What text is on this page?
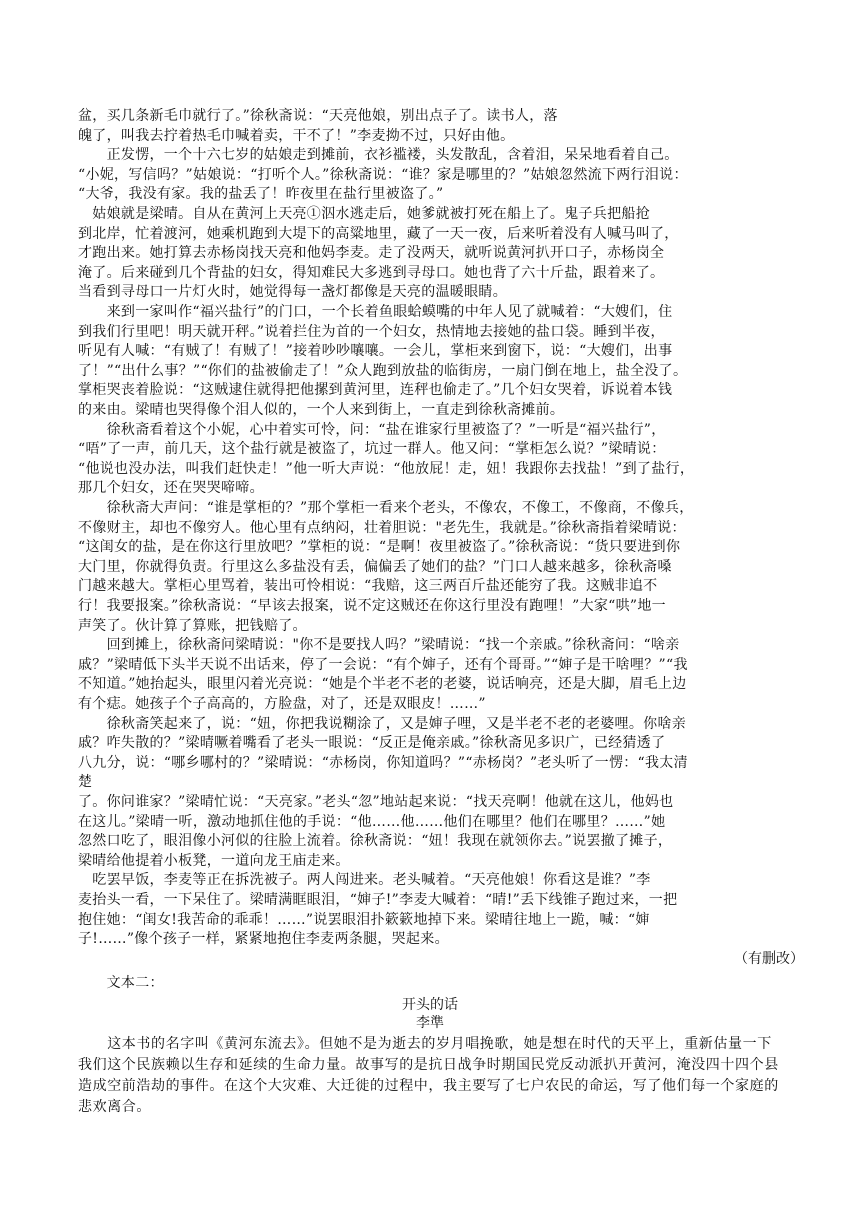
盆，买几条新毛巾就行了。”徐秋斋说：“天亮他娘，别出点子了。读书人，落
魄了，叫我去拧着热毛巾喊着卖，干不了！”李麦拗不过，只好由他。
　　正发愣，一个十六七岁的姑娘走到摊前，衣衫褴褛，头发散乱，含着泪，呆呆地看着自己。
“小妮，写信吗？”姑娘说：“打听个人。”徐秋斋说：“谁？家是哪里的？”姑娘忽然流下两行泪说：
“大爷，我没有家。我的盐丢了！昨夜里在盐行里被盗了。”
　姑娘就是梁晴。自从在黄河上天亮①泅水逃走后，她爹就被打死在船上了。鬼子兵把船抢
到北岸，忙着渡河，她乘机跑到大堤下的高粱地里，藏了一天一夜，后来听着没有人喊马叫了，
才跑出来。她打算去赤杨岗找天亮和他妈李麦。走了没两天，就听说黄河扒开口子，赤杨岗全
淹了。后来碰到几个背盐的妇女，得知难民大多逃到寻母口。她也背了六十斤盐，跟着来了。
当看到寻母口一片灯火时，她觉得每一盏灯都像是天亮的温暖眼睛。
　　来到一家叫作“福兴盐行”的门口，一个长着鱼眼蛤蟆嘴的中年人见了就喊着：“大嫂们，住
到我们行里吧！明天就开秤。”说着拦住为首的一个妇女，热情地去接她的盐口袋。睡到半夜，
听见有人喊：“有贼了！有贼了！”接着吵吵嚷嚷。一会儿，掌柜来到窗下，说：“大嫂们，出事
了！”“出什么事？”“你们的盐被偷走了！”众人跑到放盐的临街房，一扇门倒在地上，盐全没了。
掌柜哭丧着脸说：“这贼逮住就得把他摞到黄河里，连秤也偷走了。”几个妇女哭着，诉说着本钱
的来由。梁晴也哭得像个泪人似的，一个人来到街上，一直走到徐秋斋摊前。
　　徐秋斋看着这个小妮，心中着实可怜，问：“盐在谁家行里被盗了？”一听是“福兴盐行”，
“唔”了一声，前几天，这个盐行就是被盗了，坑过一群人。他又问：“掌柜怎么说？”梁晴说：
“他说也没办法，叫我们赶快走！”他一听大声说：“他放屁！走，妞！我跟你去找盐！”到了盐行，
那几个妇女，还在哭哭啼啼。
　　徐秋斋大声问：“谁是掌柜的？”那个掌柜一看来个老头，不像农，不像工，不像商，不像兵，
不像财主，却也不像穷人。他心里有点纳闷，壮着胆说："老先生，我就是。”徐秋斋指着梁晴说：
“这闺女的盐，是在你这行里放吧？”掌柜的说：“是啊！夜里被盗了。”徐秋斋说：“货只要进到你
大门里，你就得负责。行里这么多盐没有丢，偏偏丢了她们的盐？”门口人越来越多，徐秋斋嗓
门越来越大。掌柜心里骂着，装出可怜相说：“我赔，这三两百斤盐还能穷了我。这贼非追不
行！我要报案。”徐秋斋说：“早该去报案，说不定这贼还在你这行里没有跑哩！”大家“哄”地一
声笑了。伙计算了算账，把钱赔了。
　　回到摊上，徐秋斋问梁晴说："你不是要找人吗？”梁晴说：“找一个亲戚。”徐秋斋问：“啥亲
戚？”梁晴低下头半天说不出话来，停了一会说：“有个婶子，还有个哥哥。”“婶子是干啥哩？”“我
不知道。”她抬起头，眼里闪着光亮说：“她是个半老不老的老婆，说话响亮，还是大脚，眉毛上边
有个痣。她孩子个子高高的，方脸盘，对了，还是双眼皮！……”
　　徐秋斋笑起来了，说：“妞，你把我说糊涂了，又是婶子哩，又是半老不老的老婆哩。你啥亲
戚？咋失散的？”梁晴噘着嘴看了老头一眼说：“反正是俺亲戚。”徐秋斋见多识广，已经猜透了
八九分，说：“哪乡哪村的？”梁晴说：“赤杨岗，你知道吗？”“赤杨岗？”老头听了一愣：“我太清
楚
了。你问谁家？”梁晴忙说：“天亮家。”老头“忽”地站起来说：“找天亮啊！他就在这儿，他妈也
在这儿。”梁晴一听，激动地抓住他的手说：“他……他……他们在哪里？他们在哪里？……”她
忽然口吃了，眼泪像小河似的往脸上流着。徐秋斋说：“妞！我现在就领你去。”说罢撤了摊子，
梁晴给他提着小板凳，一道向龙王庙走来。
　吃罢早饭，李麦等正在拆洗被子。两人闯进来。老头喊着。“天亮他娘！你看这是谁？”李
麦抬头一看，一下呆住了。梁晴满眶眼泪，“婶子!”李麦大喊着：“晴!”丢下线锥子跑过来，一把
抱住她：“闺女!我苦命的乖乖！……”说罢眼泪扑簌簌地掉下来。梁晴往地上一跪，喊：“婶
子!……”像个孩子一样，紧紧地抱住李麦两条腿，哭起来。
（有删改）
　　文本二：
开头的话
李準
　　这本书的名字叫《黄河东流去》。但她不是为逝去的岁月唱挽歌，她是想在时代的天平上，重新估量一下我们这个民族赖以生存和延续的生命力量。故事写的是抗日战争时期国民党反动派扒开黄河，淹没四十四个县造成空前浩劫的事件。在这个大灾难、大迁徙的过程中，我主要写了七户农民的命运，写了他们每一个家庭的悲欢离合。
